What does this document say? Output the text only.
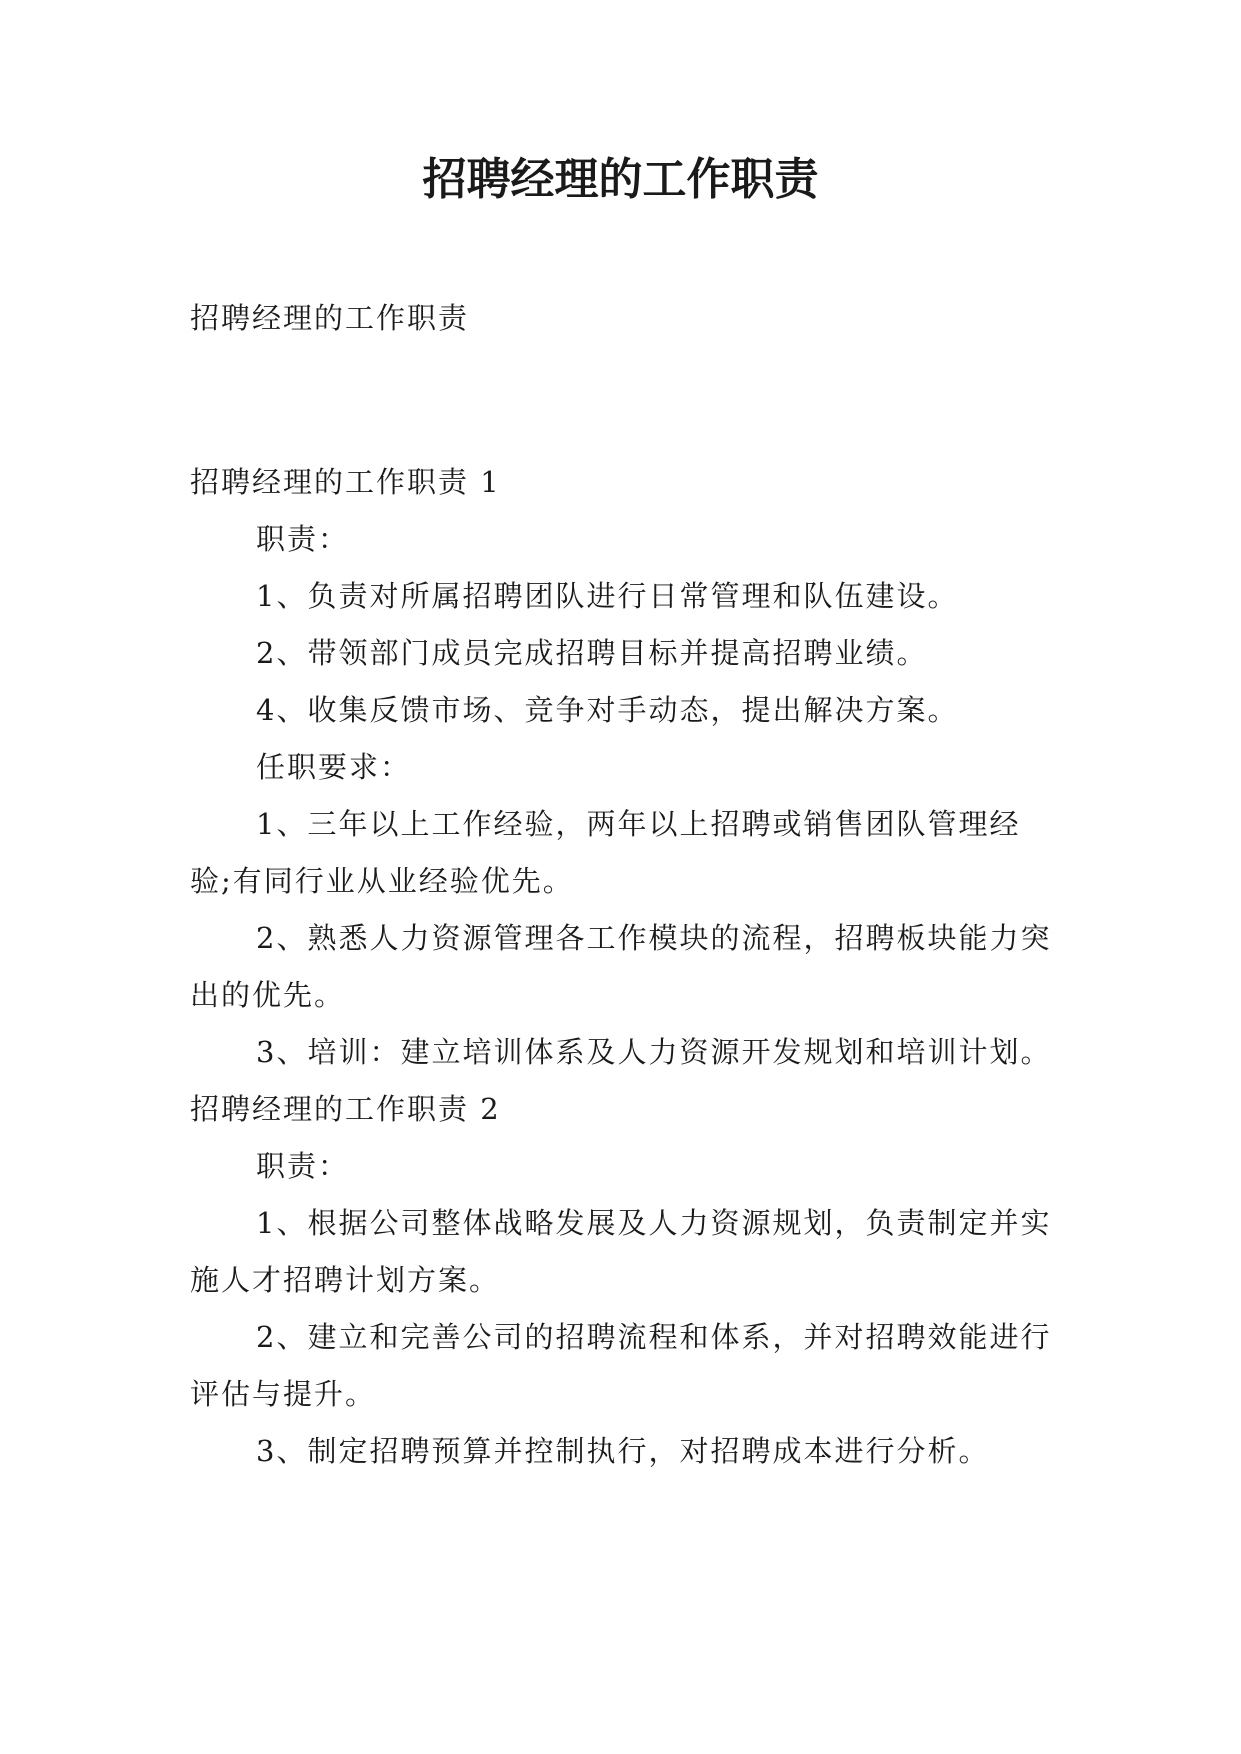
招聘经理的工作职责

招聘经理的工作职责

招聘经理的工作职责 1

职责：

1、负责对所属招聘团队进行日常管理和队伍建设。

2、带领部门成员完成招聘目标并提高招聘业绩。

4、收集反馈市场、竞争对手动态，提出解决方案。

任职要求：

1、三年以上工作经验，两年以上招聘或销售团队管理经验;有同行业从业经验优先。

2、熟悉人力资源管理各工作模块的流程，招聘板块能力突出的优先。

3、培训：建立培训体系及人力资源开发规划和培训计划。

招聘经理的工作职责 2

职责：

1、根据公司整体战略发展及人力资源规划，负责制定并实施人才招聘计划方案。

2、建立和完善公司的招聘流程和体系，并对招聘效能进行评估与提升。

3、制定招聘预算并控制执行，对招聘成本进行分析。
